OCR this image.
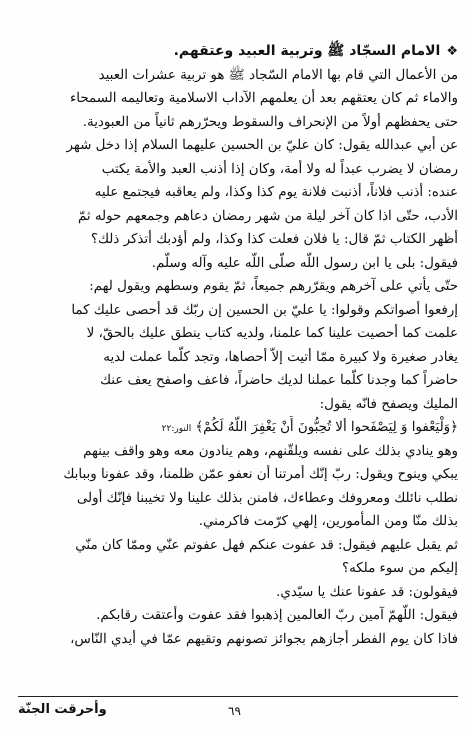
❖الامام السجّاد ﷺ وتربية العبيد وعتقهم.
من الأعمال التي قام بها الامام السّجاد ﷺ هو تربية عشرات العبيد
والاماء ثم كان يعتقهم بعد أن يعلمهم الآداب الاسلامية وتعاليمه السمحاء
حتى يحفظهم أولاً من الإنحراف والسقوط ويحرّرهم ثانياً من العبودية.
عن أبي عبدالله يقول: كان عليّ بن الحسين عليهما السلام إذا دخل شهر
رمضان لا يضرب عبداً له ولا أمة، وكان إذا أذنب العبد والأمة يكتب
عنده: أذنب فلاناً، أذنبت فلانة يوم كذا وكذا، ولم يعاقبه فيجتمع عليه
الأدب، حتّى اذا كان آخر ليلة من شهر رمضان دعاهم وجمعهم حوله ثمّ
أظهر الكتاب ثمّ قال: يا فلان فعلت كذا وكذا، ولم أؤدبك أتذكر ذلك؟
فيقول: بلى يا ابن رسول اللّه صلّى اللّه عليه وآله وسلّم.
حتّى يأتي على آخرهم ويقرّرهم جميعاً، ثمّ يقوم وسطهم ويقول لهم:
إرفعوا أصواتكم وقولوا: يا عليّ بن الحسين إن ربّك قد أحصى عليك كما
علمت كما أحصيت علينا كما علمنا، ولديه كتاب ينطق عليك بالحقّ، لا
يغادر صغيرة ولا كبيرة ممّا أتيت إلاّ أحصاها، وتجد كلّما عملت لديه
حاضراً كما وجدنا كلّما عملنا لديك حاضراً، فاعف واصفح يعف عنك
المليك ويصفح فانّه يقول:
﴿وَلْيَعْفوا وَ لِيَصْفَحوا ألا تُحِبُّونَ أَنْ يَغْفِرَ اللَّهُ لَكُمْ﴾النور:٢٢
وهو ينادي بذلك على نفسه ويلقّنهم، وهم ينادون معه وهو واقف بينهم
يبكي وينوح ويقول: ربّ إنّك أمرتنا أن نعفو عمّن ظلمنا، وقد عفونا وببابك
نطلب نائلك ومعروفك وعطاءك، فامنن بذلك علينا ولا تخيبنا فإنّك أولى
بذلك منّا ومن المأمورين، إلهي كرّمت فاكرمني.
ثم يقبل عليهم فيقول: قد عفوت عنكم فهل عفوتم عنّي وممّا كان منّي
إليكم من سوء ملكه؟
فيقولون: قد عفونا عنك يا سيّدي.
فيقول: اللّهمّ آمين ربّ العالمين إذهبوا فقد عفوت وأعتقت رقابكم.
فاذا كان يوم الفطر أجازهم بجوائز تصونهم وتقيهم عمّا في أيدي النّاس،
٦٩
وأحرقت الجنّة
